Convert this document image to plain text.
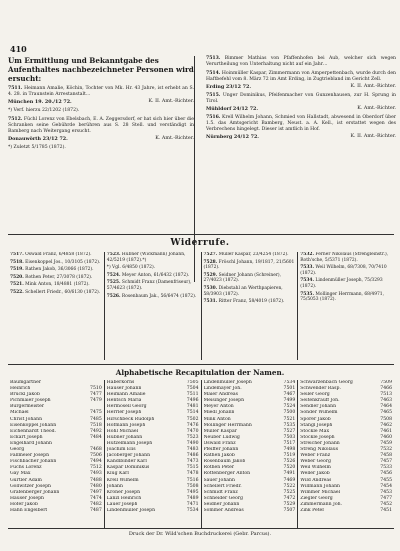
410
Um Ermittlung und Bekanntgabe des Aufenthaltes nachbezeichneter Personen wird ersucht:
7511. Heimann Amalie, Köchin, Tochter von Mk. Hr. 43 Jahre, ist erhebt an S. 4. 28. in Traunstein Arrestanstalt…
München 19. 20./12 72.	K. II. Amt.-Richter.
*) Verf. hierzu 22/1202 (1872).
7512. Füchl Lorenz von Ebelsbach, E. A. Zeggersdorf, er hat sich hier über die Schranken seine Gebührde berühren aus S. 28 Stell. und verständigt in Bamberg nach Weitergang ersucht.
Donauwörth 23/12 72.	K. Amt.-Richter.
*) Zuletzt 5/1785 (1872).
7513. Bimmer Mathias von Pfaffenhofen bei Aub, welcher sich wegen Verurtheilung von Unterhaltung nicht auf ein Jahr…
7514. Hoinmüller Kaspar, Zimmermann von Amperpettenbach, wurde durch den Haftbefehl vom 8. März 72 im Amt Erding, in Zugtriebland im Gericht Zell.
Erding 23/12 72.	K. II. Amt.-Richter.
7515. Unger Dominikus, Pfeifenmacher von Gunzenhausen, zur H. Sprung in Tirol.
Mühldorf 24/12 72.	K. Amt.-Richter.
7516. Krell Wilhelm Johann, Schmied von Hallstadt, abwesend in Oberdorf über 1.5. das Amtsgericht Bamberg, Neust. a. A. Kell., ist erstattet wegen des Verbrechens hingelegt. Dieser ist amtlich in Hof.
Nürnberg 24/12 72.	K. II. Amt.-Richter.
Widerrufe.
7517. Oswald Franz, 6/4858 (1872).
7518. Eisenkoppel Jos., 10/3105 (1872).
7519. Rathen Jakob, 36/3066 (1872).
7520. Rothen Peter, 27/3078 (1872).
7521. Mink Anton, 18/4881 (1872).
7522. Schellert Friedr., 60/6130 (1872).
7523. Hübner (Wickmann) Johann, 42/5219 (1872).*)
*) Vgl. 6/4850 (1872).
7524. Meyer Anton, 61/6432 (1872).
7525. Schmidt Franz (Damenfriseur), 57/4623 (1872).
7526. Rosenbaum Jak., 56/6474 (1872).
7527. Müller Kaspar, 23/4254 (1872).
7528. Fröschl Johann, 19/1817, 21/5601 (1872).
7529. Seidner Johann (Schreiner), 27/4023 (1872).
7530. Diebstahl an Werthpapieren, 58/3903 (1872).
7531. Ritter Franz, 58/4019 (1872).
7532. Ferner Nikolaus (Strengleinstr.), Roth'sche, 5/5371 (1872).
7533. Weil Wilhelm, 68/7308, 70/7410 (1872).
7534. Lindenmüller Joseph, 75/3293 (1872).
7535. Mollinger Herrmann, 68/4971, 75/5053 (1872).
Alphabetische Recapitulation der Namen.
Baumgartner
Heinrich	7510
Brückl Jakob	7477
Pichmaier Joseph	7479
Bürgermeister
Michael	7475
Christ Johann	7485
Eisenkoppel Johann	7518
Eichenhardt Theod.	7492
Eckart Joseph	7484
Engelhard Johann
Georg	7468
Fallmeier Joseph	7506
Fischbacher Johann	7494
Fuchs Lorenz	7512
Gay Max	7493
Gürtler Adam	7488
Gollwitzer Joseph	7480
Grafenberger Johann	7497
Hauser Joseph	7474
Hofer Jakob	7482
Hahn Engelbert	7487
Haberkorns	7505
Hauser Johann	7504
Heimann Amalie	7511
Hentsch Maria	7496
Hermosell Georg	7481
Herrler Joseph	7514
Hirschbeck Rudolph	7502
Hofmann Joseph	7476
Hohl Michael	7470
Hübner Johann	7523
Hutzelmann Joseph	7490
Joachim Elis	7483
Jacoberger Johann	7486
Kandlbinder Karl	7473
Kaspar Dominikus	7515
Klug Karl	7478
Krell Wilhelm	7516
Johann	7508
Kroner Joseph	7495
Lanzl Heinrich	7489
Lauer Joseph	7471
Lindenmüller Joseph	7534
Lindenmüller Joseph	7534
Lindemayer Joh.	7501
Maier Andreas	7467
Meisinger Joseph	7499
Meyer Anton	7524
Miedl Johann	7500
Mink Anton	7521
Mollinger Herrmann	7535
Müller Kaspar	7527
Neuber Ludwig	7503
Oswald Franz	7517
Pfeiffer Johann	7498
Rathen Jakob	7519
Rosenbaum Jakob	7526
Rothen Peter	7520
Rottenberger Anton	7491
Sauer Johann	7469
Schellert Friedr.	7522
Schmidt Franz	7525
Schneider Georg	7472
Seidner Johann	7529
Sommer Andreas	7507
Schwarzenbach Georg	7509
Schwender Rasp.	7466
Seiler Georg	7513
Seitenkrauff Joh.	7463
Sendler Johann	7464
Sonder Wilhelm	7465
Sporer Jakob	7508
Stangl Joseph	7462
Stöckle Max	7461
Stöckle Joseph	7460
Streicher Johann	7459
Streng Nikolaus	7532
Weber Franz	7458
Weber Georg	7457
Weil Wilhelm	7533
Weller Jakob	7456
Wild Andreas	7455
Willmann Johann	7454
Wimmer Michael	7453
Ziegler Georg	7477
Zimmermann Joh.	7452
Zink Peter	7451
Druck der Dr. Wild'schen Buchdruckerei (Gebr. Parcus).
